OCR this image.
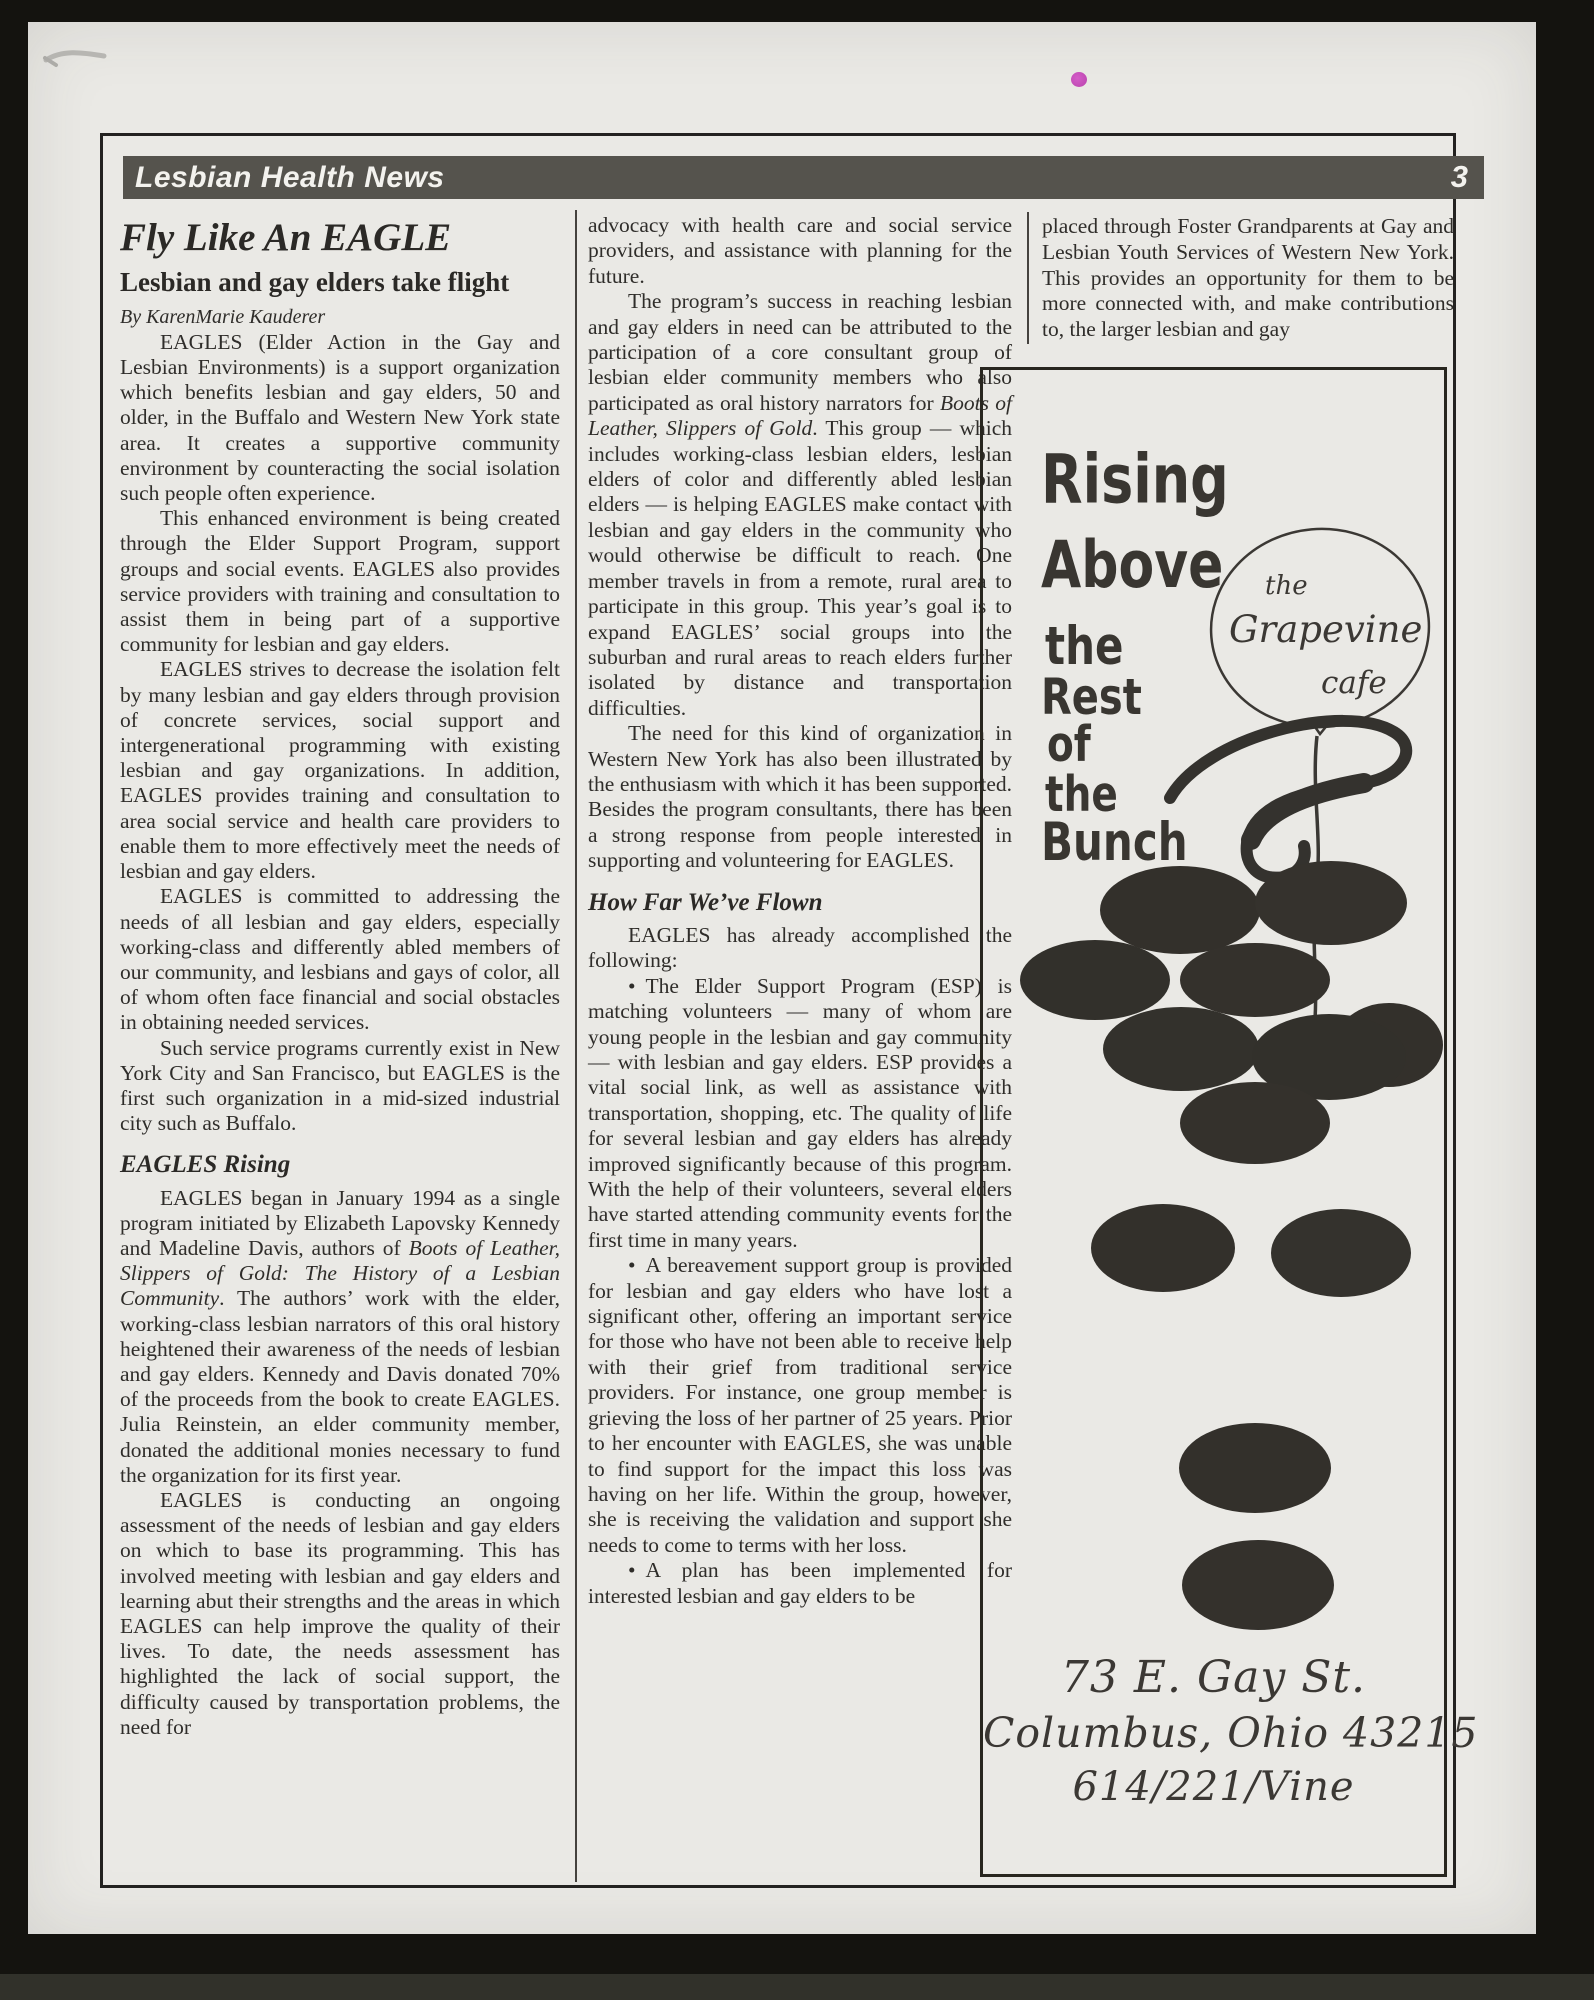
Lesbian Health News	3
Fly Like An EAGLE
Lesbian and gay elders take flight
By KarenMarie Kauderer

EAGLES (Elder Action in the Gay and Lesbian Environments) is a support organization which benefits lesbian and gay elders, 50 and older, in the Buffalo and Western New York state area. It creates a supportive community environment by counteracting the social isolation such people often experience.

This enhanced environment is being created through the Elder Support Program, support groups and social events. EAGLES also provides service providers with training and consultation to assist them in being part of a supportive community for lesbian and gay elders.

EAGLES strives to decrease the isolation felt by many lesbian and gay elders through provision of concrete services, social support and intergenerational programming with existing lesbian and gay organizations. In addition, EAGLES provides training and consultation to area social service and health care providers to enable them to more effectively meet the needs of lesbian and gay elders.

EAGLES is committed to addressing the needs of all lesbian and gay elders, especially working-class and differently abled members of our community, and lesbians and gays of color, all of whom often face financial and social obstacles in obtaining needed services.

Such service programs currently exist in New York City and San Francisco, but EAGLES is the first such organization in a mid-sized industrial city such as Buffalo.

EAGLES Rising

EAGLES began in January 1994 as a single program initiated by Elizabeth Lapovsky Kennedy and Madeline Davis, authors of Boots of Leather, Slippers of Gold: The History of a Lesbian Community. The authors’ work with the elder, working-class lesbian narrators of this oral history heightened their awareness of the needs of lesbian and gay elders. Kennedy and Davis donated 70% of the proceeds from the book to create EAGLES. Julia Reinstein, an elder community member, donated the additional monies necessary to fund the organization for its first year.

EAGLES is conducting an ongoing assessment of the needs of lesbian and gay elders on which to base its programming. This has involved meeting with lesbian and gay elders and learning abut their strengths and the areas in which EAGLES can help improve the quality of their lives. To date, the needs assessment has highlighted the lack of social support, the difficulty caused by transportation problems, the need for

advocacy with health care and social service providers, and assistance with planning for the future.

The program’s success in reaching lesbian and gay elders in need can be attributed to the participation of a core consultant group of lesbian elder community members who also participated as oral history narrators for Boots of Leather, Slippers of Gold. This group — which includes working-class lesbian elders, lesbian elders of color and differently abled lesbian elders — is helping EAGLES make contact with lesbian and gay elders in the community who would otherwise be difficult to reach. One member travels in from a remote, rural area to participate in this group. This year’s goal is to expand EAGLES’ social groups into the suburban and rural areas to reach elders further isolated by distance and transportation difficulties.

The need for this kind of organization in Western New York has also been illustrated by the enthusiasm with which it has been supported. Besides the program consultants, there has been a strong response from people interested in supporting and volunteering for EAGLES.

How Far We’ve Flown

EAGLES has already accomplished the following:

• The Elder Support Program (ESP) is matching volunteers — many of whom are young people in the lesbian and gay community — with lesbian and gay elders. ESP provides a vital social link, as well as assistance with transportation, shopping, etc. The quality of life for several lesbian and gay elders has already improved significantly because of this program. With the help of their volunteers, several elders have started attending community events for the first time in many years.

• A bereavement support group is provided for lesbian and gay elders who have lost a significant other, offering an important service for those who have not been able to receive help with their grief from traditional service providers. For instance, one group member is grieving the loss of her partner of 25 years. Prior to her encounter with EAGLES, she was unable to find support for the impact this loss was having on her life. Within the group, however, she is receiving the validation and support she needs to come to terms with her loss.

• A plan has been implemented for interested lesbian and gay elders to be

placed through Foster Grandparents at Gay and Lesbian Youth Services of Western New York. This provides an opportunity for them to be more connected with, and make contributions to, the larger lesbian and gay

Rising
Above
the
Rest
of
the
Bunch
the
Grapevine
cafe
73 E. Gay St.
Columbus, Ohio 43215
614/221/Vine
